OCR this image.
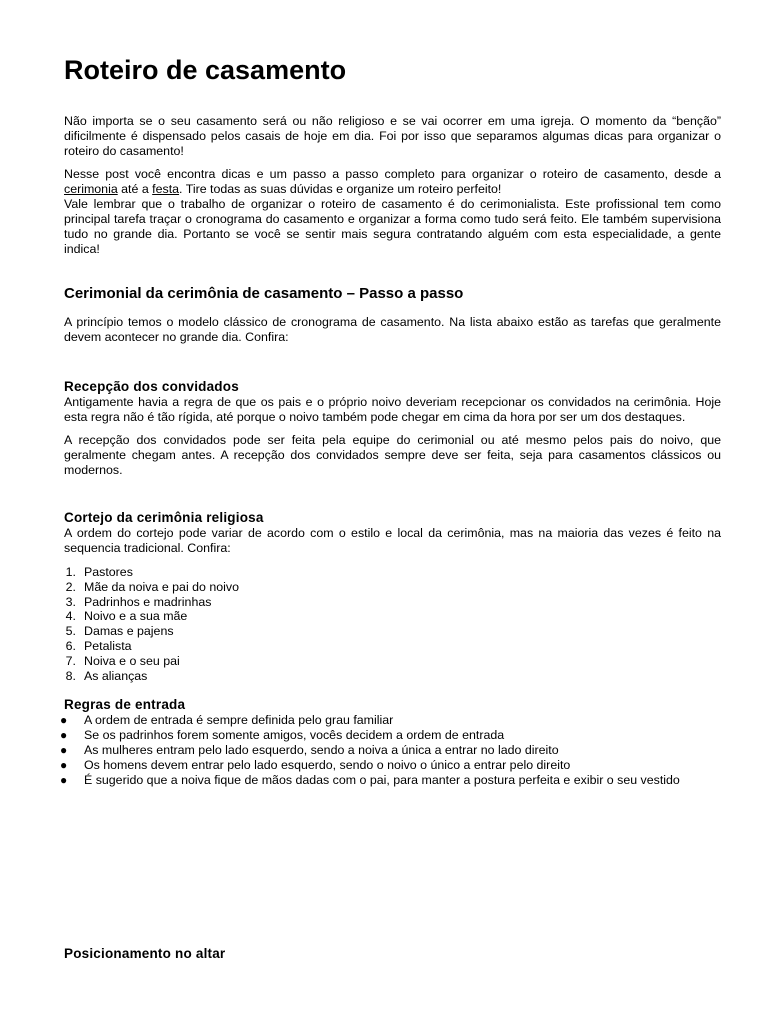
Roteiro de casamento

Não importa se o seu casamento será ou não religioso e se vai ocorrer em uma igreja. O momento da “benção” dificilmente é dispensado pelos casais de hoje em dia. Foi por isso que separamos algumas dicas para organizar o roteiro do casamento!

Nesse post você encontra dicas e um passo a passo completo para organizar o roteiro de casamento, desde a cerimonia até a festa. Tire todas as suas dúvidas e organize um roteiro perfeito!

Vale lembrar que o trabalho de organizar o roteiro de casamento é do cerimonialista. Este profissional tem como principal tarefa traçar o cronograma do casamento e organizar a forma como tudo será feito. Ele também supervisiona tudo no grande dia. Portanto se você se sentir mais segura contratando alguém com esta especialidade, a gente indica!

Cerimonial da cerimônia de casamento – Passo a passo

A princípio temos o modelo clássico de cronograma de casamento. Na lista abaixo estão as tarefas que geralmente devem acontecer no grande dia. Confira:

Recepção dos convidados

Antigamente havia a regra de que os pais e o próprio noivo deveriam recepcionar os convidados na cerimônia. Hoje esta regra não é tão rígida, até porque o noivo também pode chegar em cima da hora por ser um dos destaques.

A recepção dos convidados pode ser feita pela equipe do cerimonial ou até mesmo pelos pais do noivo, que geralmente chegam antes. A recepção dos convidados sempre deve ser feita, seja para casamentos clássicos ou modernos.

Cortejo da cerimônia religiosa

A ordem do cortejo pode variar de acordo com o estilo e local da cerimônia, mas na maioria das vezes é feito na sequencia tradicional. Confira:

1. Pastores
2. Mãe da noiva e pai do noivo
3. Padrinhos e madrinhas
4. Noivo e a sua mãe
5. Damas e pajens
6. Petalista
7. Noiva e o seu pai
8. As alianças
Regras de entrada
● A ordem de entrada é sempre definida pelo grau familiar
● Se os padrinhos forem somente amigos, vocês decidem a ordem de entrada
● As mulheres entram pelo lado esquerdo, sendo a noiva a única a entrar no lado direito
● Os homens devem entrar pelo lado esquerdo, sendo o noivo o único a entrar pelo direito
● É sugerido que a noiva fique de mãos dadas com o pai, para manter a postura perfeita e exibir o seu vestido
Posicionamento no altar
